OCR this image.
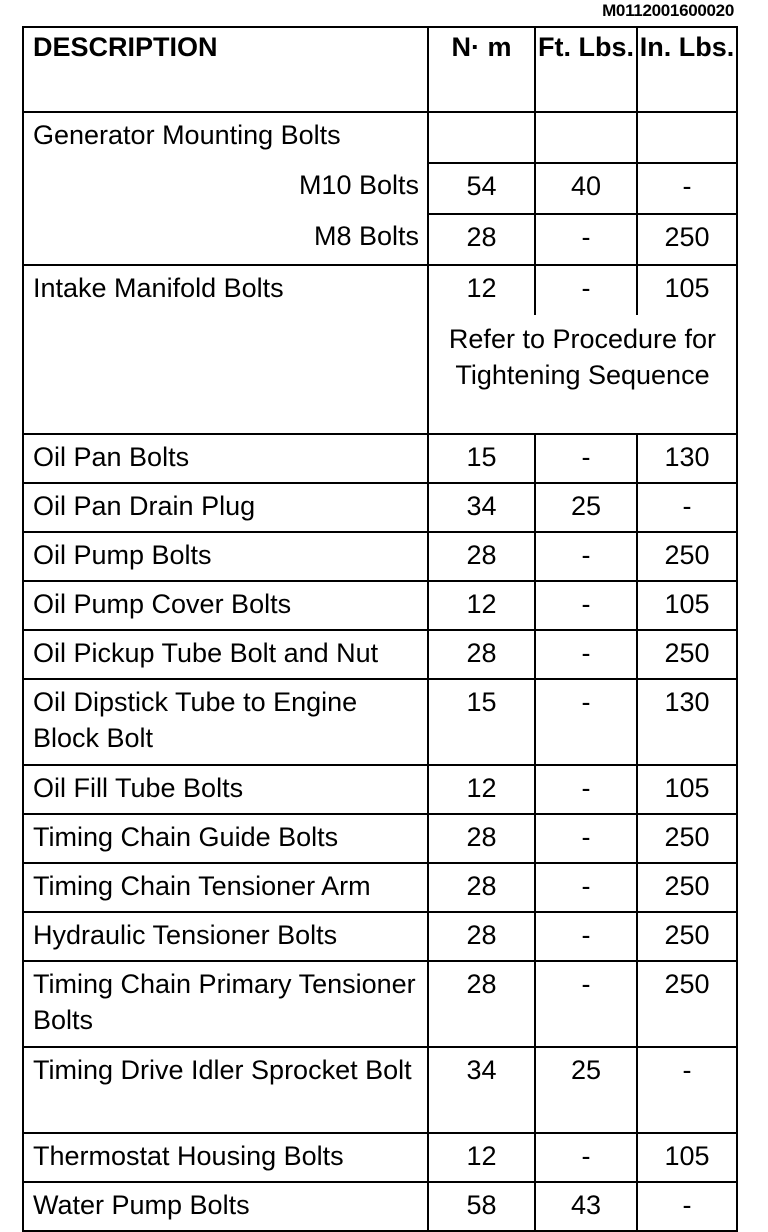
M0112001600020
DESCRIPTION	N· m	Ft. Lbs.	In. Lbs.
Generator Mounting Bolts			
M10 Bolts	54	40	-
M8 Bolts	28	-	250
Intake Manifold Bolts	12	-	105
	Refer to Procedure for Tightening Sequence		
Oil Pan Bolts	15	-	130
Oil Pan Drain Plug	34	25	-
Oil Pump Bolts	28	-	250
Oil Pump Cover Bolts	12	-	105
Oil Pickup Tube Bolt and Nut	28	-	250
Oil Dipstick Tube to Engine Block Bolt	15	-	130
Oil Fill Tube Bolts	12	-	105
Timing Chain Guide Bolts	28	-	250
Timing Chain Tensioner Arm	28	-	250
Hydraulic Tensioner Bolts	28	-	250
Timing Chain Primary Tensioner Bolts	28	-	250
Timing Drive Idler Sprocket Bolt	34	25	-
Thermostat Housing Bolts	12	-	105
Water Pump Bolts	58	43	-
